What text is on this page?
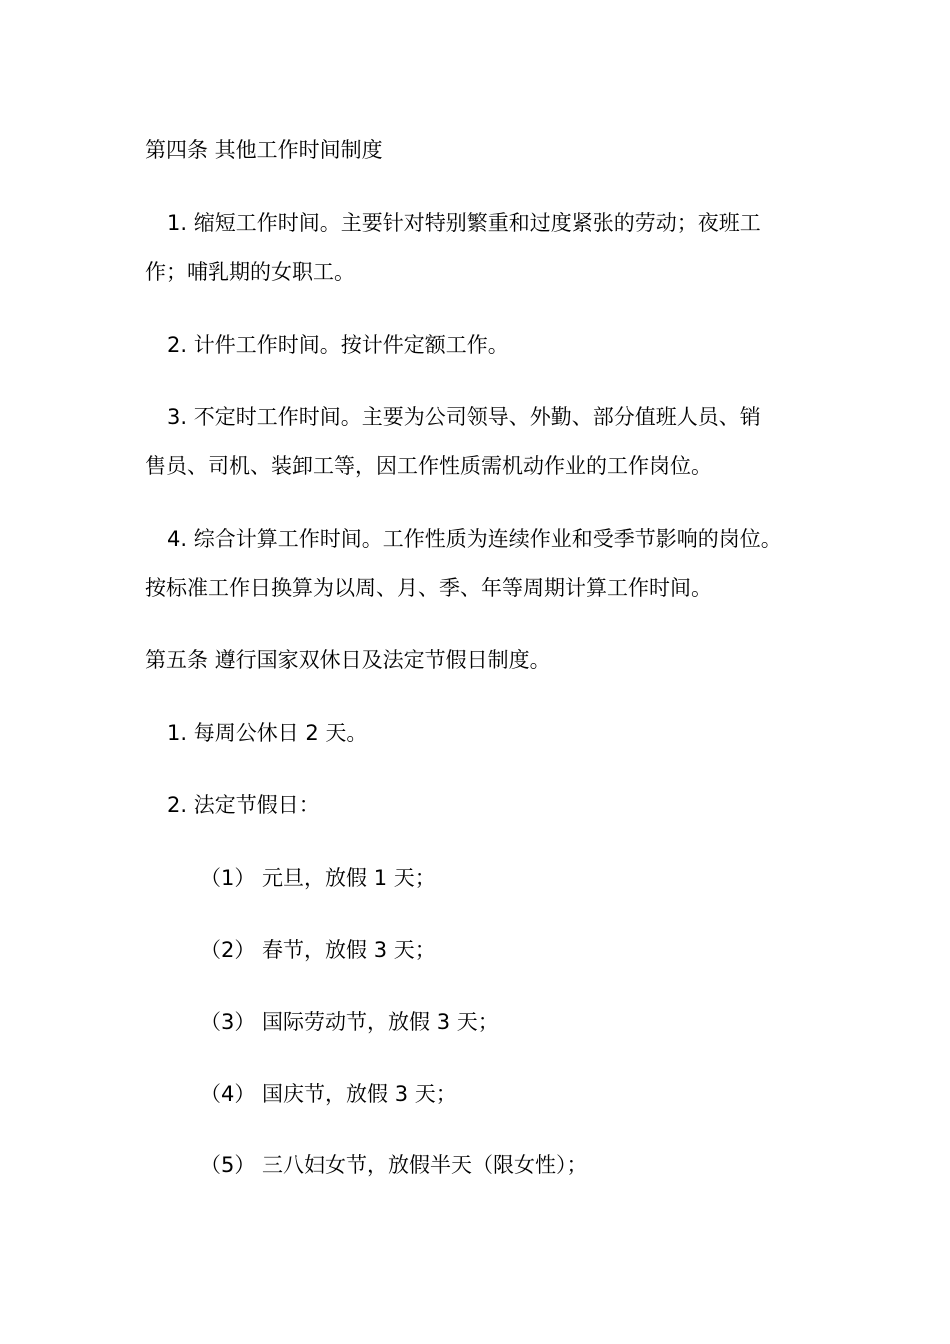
第四条 其他工作时间制度
1. 缩短工作时间。主要针对特别繁重和过度紧张的劳动；夜班工
作；哺乳期的女职工。
2. 计件工作时间。按计件定额工作。
3. 不定时工作时间。主要为公司领导、外勤、部分值班人员、销
售员、司机、装卸工等，因工作性质需机动作业的工作岗位。
4. 综合计算工作时间。工作性质为连续作业和受季节影响的岗位。
按标准工作日换算为以周、月、季、年等周期计算工作时间。
第五条 遵行国家双休日及法定节假日制度。
1. 每周公休日 2 天。
2. 法定节假日：
（1） 元旦，放假 1 天；
（2） 春节，放假 3 天；
（3） 国际劳动节，放假 3 天；
（4） 国庆节，放假 3 天；
（5） 三八妇女节，放假半天（限女性）；
